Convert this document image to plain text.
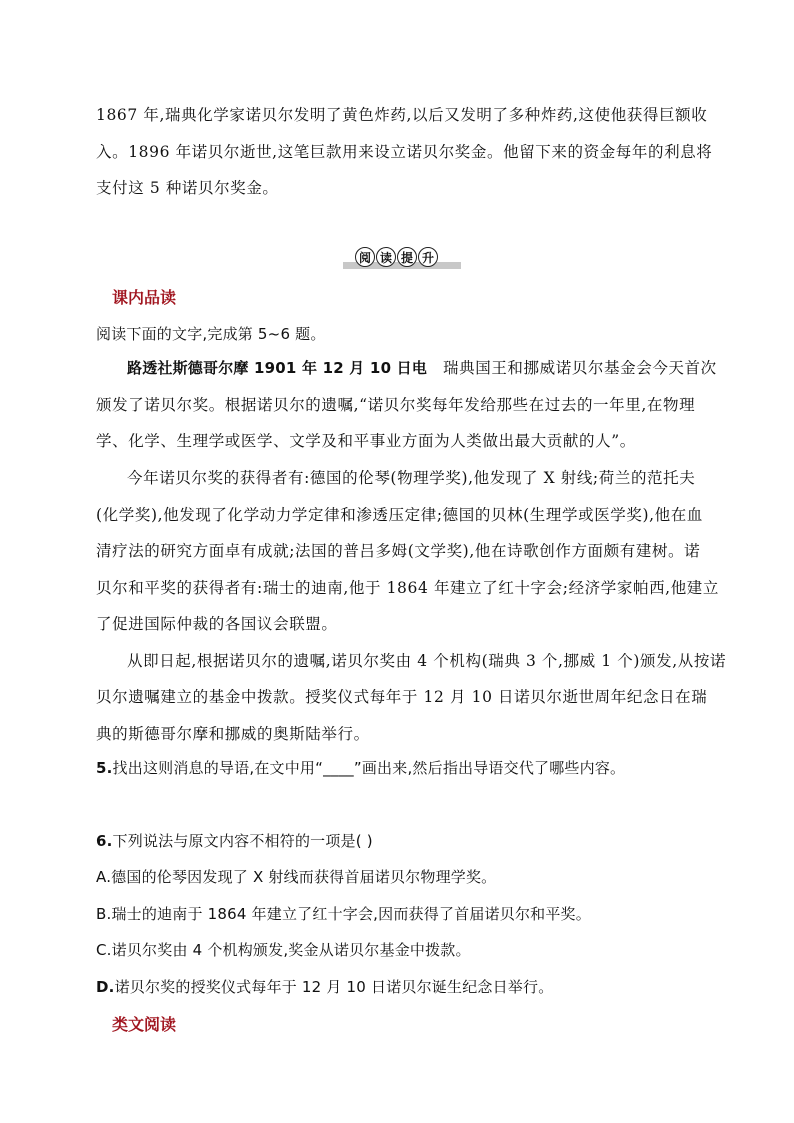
1867 年,瑞典化学家诺贝尔发明了黄色炸药,以后又发明了多种炸药,这使他获得巨额收
入。1896 年诺贝尔逝世,这笔巨款用来设立诺贝尔奖金。他留下来的资金每年的利息将
支付这 5 种诺贝尔奖金。
阅 读 提 升
课内品读
阅读下面的文字,完成第 5~6 题。
路透社斯德哥尔摩 1901 年 12 月 10 日电 瑞典国王和挪威诺贝尔基金会今天首次
颁发了诺贝尔奖。根据诺贝尔的遗嘱,“诺贝尔奖每年发给那些在过去的一年里,在物理
学、化学、生理学或医学、文学及和平事业方面为人类做出最大贡献的人”。
今年诺贝尔奖的获得者有:德国的伦琴(物理学奖),他发现了 X 射线;荷兰的范托夫
(化学奖),他发现了化学动力学定律和渗透压定律;德国的贝林(生理学或医学奖),他在血
清疗法的研究方面卓有成就;法国的普吕多姆(文学奖),他在诗歌创作方面颇有建树。诺
贝尔和平奖的获得者有:瑞士的迪南,他于 1864 年建立了红十字会;经济学家帕西,他建立
了促进国际仲裁的各国议会联盟。
从即日起,根据诺贝尔的遗嘱,诺贝尔奖由 4 个机构(瑞典 3 个,挪威 1 个)颁发,从按诺
贝尔遗嘱建立的基金中拨款。授奖仪式每年于 12 月 10 日诺贝尔逝世周年纪念日在瑞
典的斯德哥尔摩和挪威的奥斯陆举行。
5.找出这则消息的导语,在文中用“____”画出来,然后指出导语交代了哪些内容。
6.下列说法与原文内容不相符的一项是( )
A.德国的伦琴因发现了 X 射线而获得首届诺贝尔物理学奖。
B.瑞士的迪南于 1864 年建立了红十字会,因而获得了首届诺贝尔和平奖。
C.诺贝尔奖由 4 个机构颁发,奖金从诺贝尔基金中拨款。
D.诺贝尔奖的授奖仪式每年于 12 月 10 日诺贝尔诞生纪念日举行。
类文阅读
